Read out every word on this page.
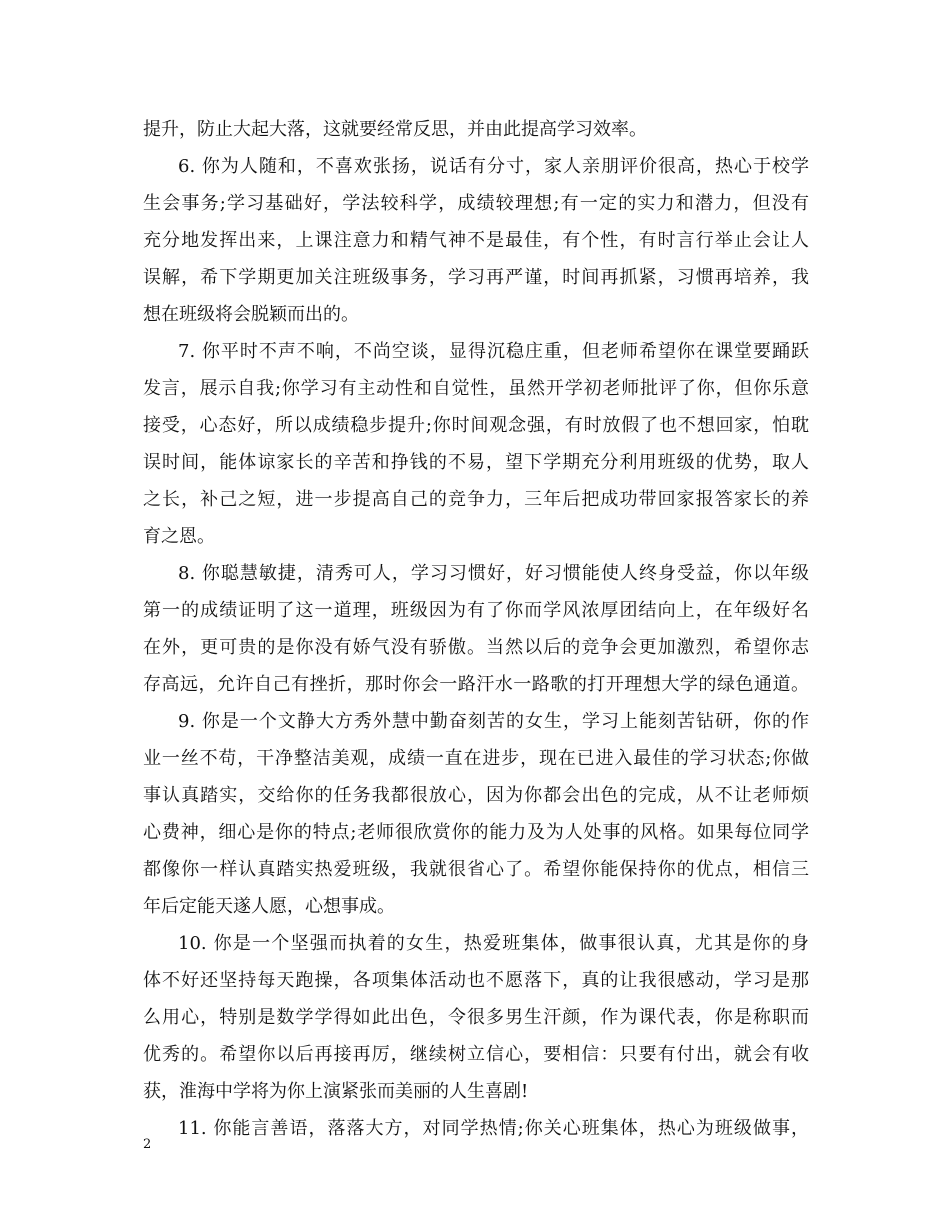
提升，防止大起大落，这就要经常反思，并由此提高学习效率。
6. 你为人随和，不喜欢张扬，说话有分寸，家人亲朋评价很高，热心于校学
生会事务;学习基础好，学法较科学，成绩较理想;有一定的实力和潜力，但没有
充分地发挥出来，上课注意力和精气神不是最佳，有个性，有时言行举止会让人
误解，希下学期更加关注班级事务，学习再严谨，时间再抓紧，习惯再培养，我
想在班级将会脱颖而出的。
7. 你平时不声不响，不尚空谈，显得沉稳庄重，但老师希望你在课堂要踊跃
发言，展示自我;你学习有主动性和自觉性，虽然开学初老师批评了你，但你乐意
接受，心态好，所以成绩稳步提升;你时间观念强，有时放假了也不想回家，怕耽
误时间，能体谅家长的辛苦和挣钱的不易，望下学期充分利用班级的优势，取人
之长，补己之短，进一步提高自己的竞争力，三年后把成功带回家报答家长的养
育之恩。
8. 你聪慧敏捷，清秀可人，学习习惯好，好习惯能使人终身受益，你以年级
第一的成绩证明了这一道理，班级因为有了你而学风浓厚团结向上，在年级好名
在外，更可贵的是你没有娇气没有骄傲。当然以后的竞争会更加激烈，希望你志
存高远，允许自己有挫折，那时你会一路汗水一路歌的打开理想大学的绿色通道。
9. 你是一个文静大方秀外慧中勤奋刻苦的女生，学习上能刻苦钻研，你的作
业一丝不苟，干净整洁美观，成绩一直在进步，现在已进入最佳的学习状态;你做
事认真踏实，交给你的任务我都很放心，因为你都会出色的完成，从不让老师烦
心费神，细心是你的特点;老师很欣赏你的能力及为人处事的风格。如果每位同学
都像你一样认真踏实热爱班级，我就很省心了。希望你能保持你的优点，相信三
年后定能天遂人愿，心想事成。
10. 你是一个坚强而执着的女生，热爱班集体，做事很认真，尤其是你的身
体不好还坚持每天跑操，各项集体活动也不愿落下，真的让我很感动，学习是那
么用心，特别是数学学得如此出色，令很多男生汗颜，作为课代表，你是称职而
优秀的。希望你以后再接再厉，继续树立信心，要相信：只要有付出，就会有收
获，淮海中学将为你上演紧张而美丽的人生喜剧!
11. 你能言善语，落落大方，对同学热情;你关心班集体，热心为班级做事，
2
